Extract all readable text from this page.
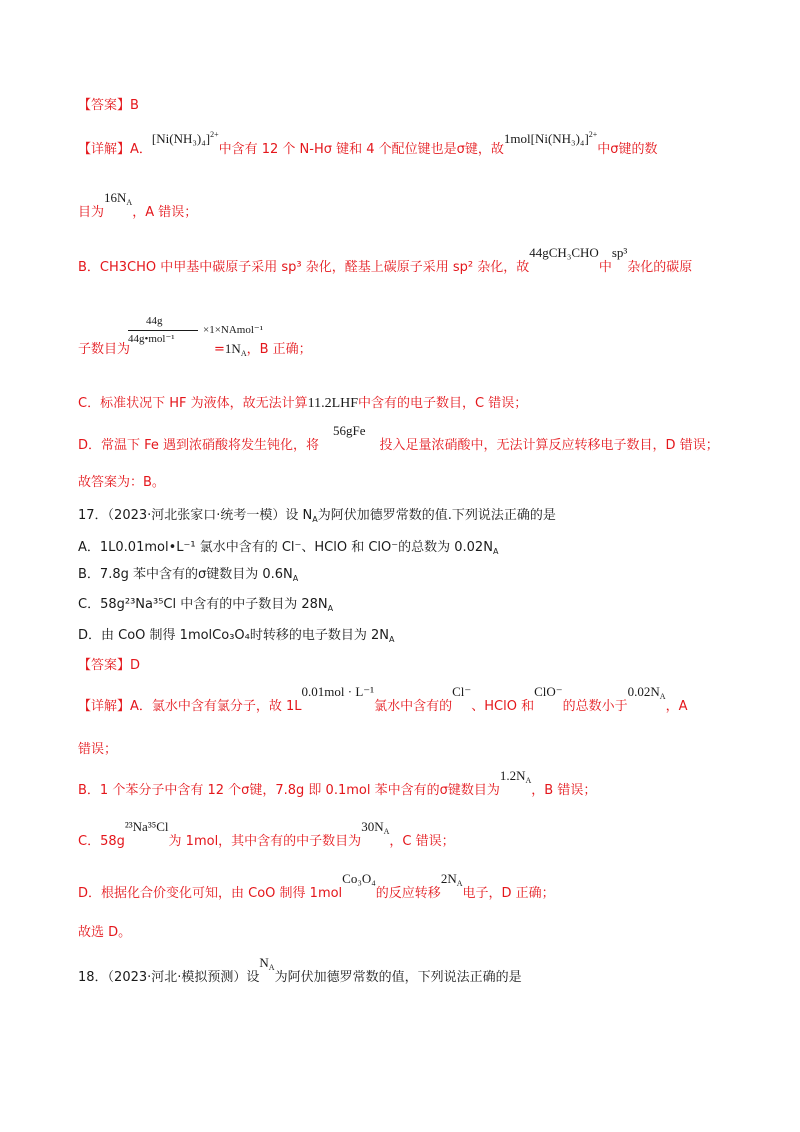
【答案】B
【详解】A．$[Ni(NH_3)_4]^{2+}$中含有 12 个 N-Hσ 键和 4 个配位键也是σ键，故$1mol[Ni(NH_3)_4]^{2+}$中σ键的数
目为$16N_A$，A 错误；
B．CH3CHO 中甲基中碳原子采用 sp³ 杂化，醛基上碳原子采用 sp² 杂化，故44gCH₃CHO中sp³杂化的碳原
44g
44g•mol⁻¹
×1×NAmol⁻¹
子数目为	$=1N_A$，B 正确；
C．标准状况下 HF 为液体，故无法计算11.2LHF中含有的电子数目，C 错误；
D．常温下 Fe 遇到浓硝酸将发生钝化，将56gFe投入足量浓硝酸中，无法计算反应转移电子数目，D 错误；
故答案为：B。
17．（2023·河北张家口·统考一模）设 $N_A$为阿伏加德罗常数的值.下列说法正确的是
A．1L0.01mol•L⁻¹ 氯水中含有的 Cl⁻、HClO 和 ClO⁻的总数为 $0.02N_A$
B．7.8g 苯中含有的σ键数目为 $0.6N_A$
C．58g²³Na³⁵Cl 中含有的中子数目为 $28N_A$
D．由 CoO 制得 1molCo₃O₄时转移的电子数目为 $2N_A$
【答案】D
【详解】A．氯水中含有氯分子，故 1L0.01mol · L⁻¹氯水中含有的Cl⁻、HClO 和ClO⁻的总数小于$0.02N_A$，A
错误；
B．1 个苯分子中含有 12 个σ键，7.8g 即 0.1mol 苯中含有的σ键数目为$1.2N_A$，B 错误；
C．58g²³Na³⁵Cl为 1mol，其中含有的中子数目为$30N_A$，C 错误；
D．根据化合价变化可知，由 CoO 制得 1molCo₃O₄的反应转移$2N_A$电子，D 正确；
故选 D。
18．（2023·河北·模拟预测）设$N_A$为阿伏加德罗常数的值，下列说法正确的是
